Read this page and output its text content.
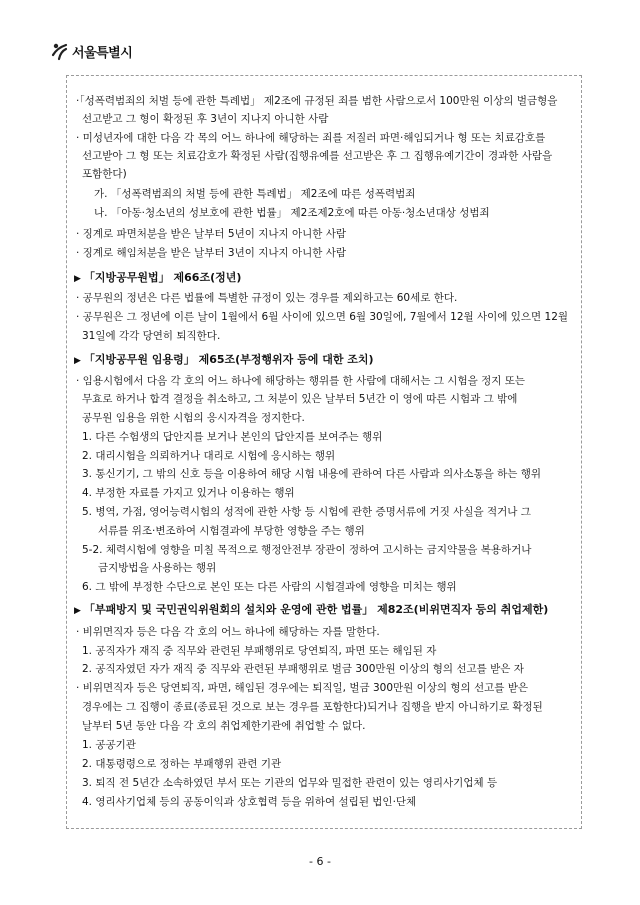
서울특별시
·「성폭력범죄의 처벌 등에 관한 특례법」 제2조에 규정된 죄를 범한 사람으로서 100만원 이상의 벌금형을
선고받고 그 형이 확정된 후 3년이 지나지 아니한 사람
· 미성년자에 대한 다음 각 목의 어느 하나에 해당하는 죄를 저질러 파면·해임되거나 형 또는 치료감호를
선고받아 그 형 또는 치료감호가 확정된 사람(집행유예를 선고받은 후 그 집행유예기간이 경과한 사람을
포함한다)
가. 「성폭력범죄의 처벌 등에 관한 특례법」 제2조에 따른 성폭력범죄
나. 「아동·청소년의 성보호에 관한 법률」 제2조제2호에 따른 아동·청소년대상 성범죄
· 징계로 파면처분을 받은 날부터 5년이 지나지 아니한 사람
· 징계로 해임처분을 받은 날부터 3년이 지나지 아니한 사람
▶ 「지방공무원법」 제66조(정년)
· 공무원의 정년은 다른 법률에 특별한 규정이 있는 경우를 제외하고는 60세로 한다.
· 공무원은 그 정년에 이른 날이 1월에서 6월 사이에 있으면 6월 30일에, 7월에서 12월 사이에 있으면 12월
31일에 각각 당연히 퇴직한다.
▶ 「지방공무원 임용령」 제65조(부정행위자 등에 대한 조치)
· 임용시험에서 다음 각 호의 어느 하나에 해당하는 행위를 한 사람에 대해서는 그 시험을 정지 또는
무효로 하거나 합격 결정을 취소하고, 그 처분이 있은 날부터 5년간 이 영에 따른 시험과 그 밖에
공무원 임용을 위한 시험의 응시자격을 정지한다.
1. 다른 수험생의 답안지를 보거나 본인의 답안지를 보여주는 행위
2. 대리시험을 의뢰하거나 대리로 시험에 응시하는 행위
3. 통신기기, 그 밖의 신호 등을 이용하여 해당 시험 내용에 관하여 다른 사람과 의사소통을 하는 행위
4. 부정한 자료를 가지고 있거나 이용하는 행위
5. 병역, 가점, 영어능력시험의 성적에 관한 사항 등 시험에 관한 증명서류에 거짓 사실을 적거나 그
서류를 위조·변조하여 시험결과에 부당한 영향을 주는 행위
5-2. 체력시험에 영향을 미칠 목적으로 행정안전부 장관이 정하여 고시하는 금지약물을 복용하거나
금지방법을 사용하는 행위
6. 그 밖에 부정한 수단으로 본인 또는 다른 사람의 시험결과에 영향을 미치는 행위
▶ 「부패방지 및 국민권익위원회의 설치와 운영에 관한 법률」 제82조(비위면직자 등의 취업제한)
· 비위면직자 등은 다음 각 호의 어느 하나에 해당하는 자를 말한다.
1. 공직자가 재직 중 직무와 관련된 부패행위로 당연퇴직, 파면 또는 해임된 자
2. 공직자였던 자가 재직 중 직무와 관련된 부패행위로 벌금 300만원 이상의 형의 선고를 받은 자
· 비위면직자 등은 당연퇴직, 파면, 해임된 경우에는 퇴직일, 벌금 300만원 이상의 형의 선고를 받은
경우에는 그 집행이 종료(종료된 것으로 보는 경우를 포함한다)되거나 집행을 받지 아니하기로 확정된
날부터 5년 동안 다음 각 호의 취업제한기관에 취업할 수 없다.
1. 공공기관
2. 대통령령으로 정하는 부패행위 관련 기관
3. 퇴직 전 5년간 소속하였던 부서 또는 기관의 업무와 밀접한 관련이 있는 영리사기업체 등
4. 영리사기업체 등의 공동이익과 상호협력 등을 위하여 설립된 법인·단체
- 6 -
